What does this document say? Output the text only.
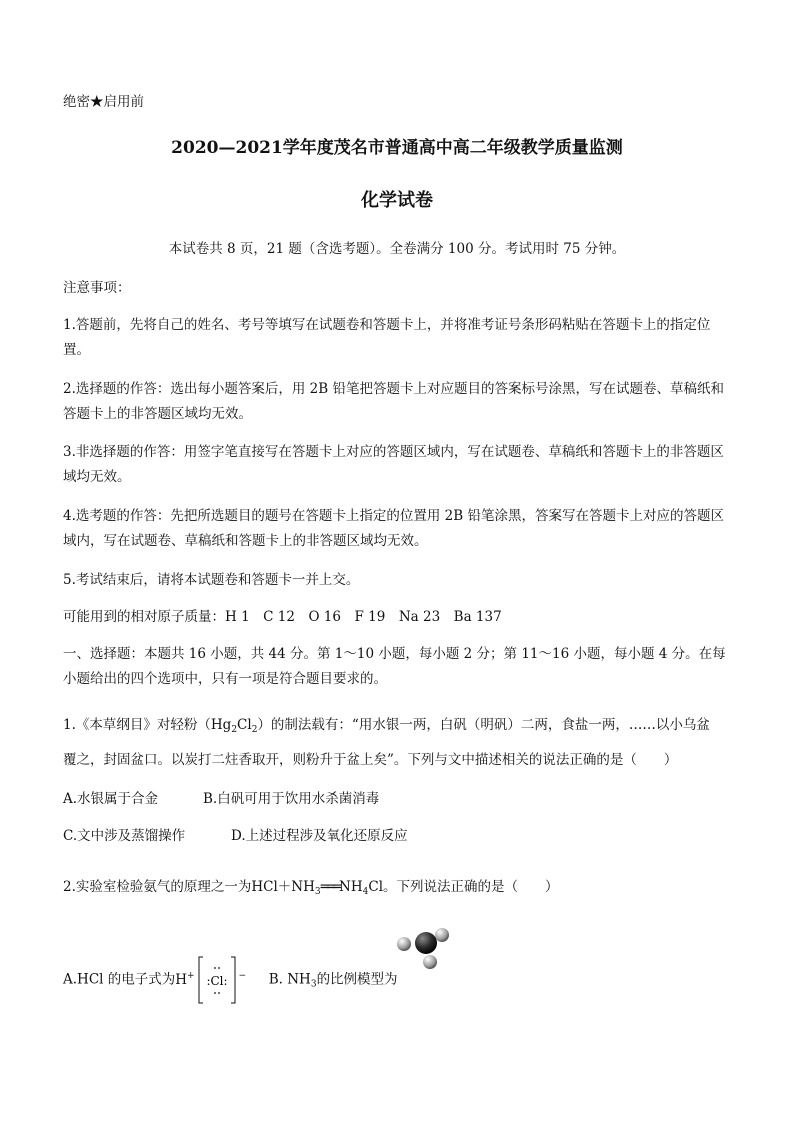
绝密★启用前
2020—2021学年度茂名市普通高中高二年级教学质量监测
化学试卷
本试卷共 8 页，21 题（含选考题）。全卷满分 100 分。考试用时 75 分钟。
注意事项：
1.答题前，先将自己的姓名、考号等填写在试题卷和答题卡上，并将准考证号条形码粘贴在答题卡上的指定位置。
2.选择题的作答：选出每小题答案后，用 2B 铅笔把答题卡上对应题目的答案标号涂黑，写在试题卷、草稿纸和答题卡上的非答题区域均无效。
3.非选择题的作答：用签字笔直接写在答题卡上对应的答题区域内，写在试题卷、草稿纸和答题卡上的非答题区域均无效。
4.选考题的作答：先把所选题目的题号在答题卡上指定的位置用 2B 铅笔涂黑，答案写在答题卡上对应的答题区域内，写在试题卷、草稿纸和答题卡上的非答题区域均无效。
5.考试结束后，请将本试题卷和答题卡一并上交。
可能用到的相对原子质量：H 1　C 12　O 16　F 19　Na 23　Ba 137
一、选择题：本题共 16 小题，共 44 分。第 1～10 小题，每小题 2 分；第 11～16 小题，每小题 4 分。在每小题给出的四个选项中，只有一项是符合题目要求的。
1.《本草纲目》对轻粉$(Hg_2Cl_2)$的制法载有：“用水银一两，白矾（明矾）二两，食盐一两，……以小乌盆
覆之，封固盆口。以炭打二炷香取开，则粉升于盆上矣”。下列与文中描述相关的说法正确的是（　　）
A.水银属于合金	B.白矾可用于饮用水杀菌消毒
C.文中涉及蒸馏操作	D.上述过程涉及氧化还原反应
2.实验室检验氨气的原理之一为$HCl+NH_3═══NH_4Cl$。下列说法正确的是（　　）
A.HCl 的电子式为H+ :Cl: − B. $NH_3$的比例模型为
